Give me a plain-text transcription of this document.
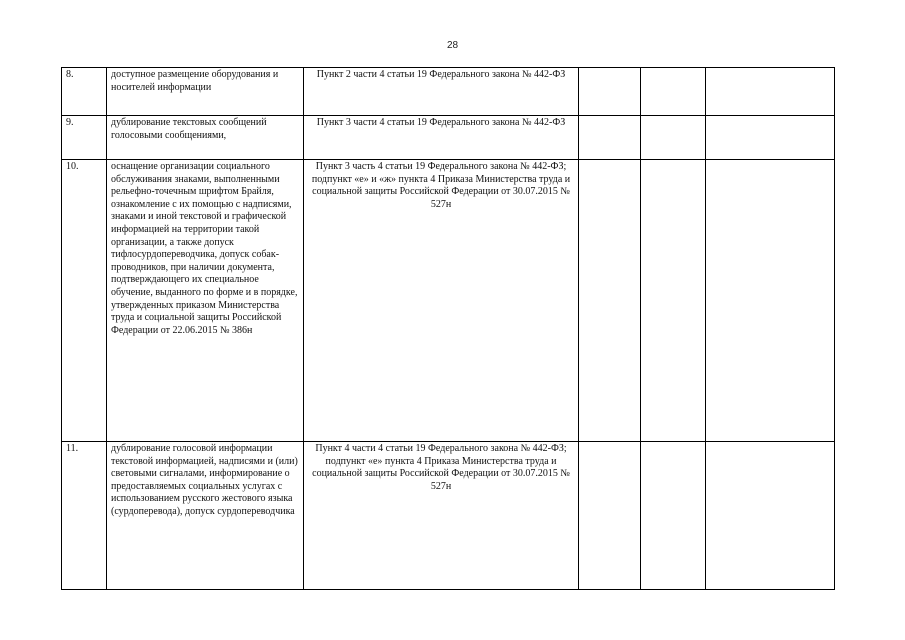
28
8.	доступное размещение оборудования и носителей информации	Пункт 2 части 4 статьи 19 Федерального закона № 442-ФЗ			
9.	дублирование текстовых сообщений голосовыми сообщениями,	Пункт 3 части 4 статьи 19 Федерального закона № 442-ФЗ			
10.	оснащение организации социального обслуживания знаками, выполненными рельефно-точечным шрифтом Брайля, ознакомление с их помощью с надписями, знаками и иной текстовой и графической информацией на территории такой организации, а также допуск тифлосурдопереводчика, допуск собак-проводников, при наличии документа, подтверждающего их специальное обучение, выданного по форме и в порядке, утвержденных приказом Министерства труда и социальной защиты Российской Федерации от 22.06.2015 № 386н	Пункт 3 часть 4 статьи 19 Федерального закона № 442-ФЗ; подпункт «е» и «ж» пункта 4 Приказа Министерства труда и социальной защиты Российской Федерации от 30.07.2015 № 527н			
11.	дублирование голосовой информации текстовой информацией, надписями и (или) световыми сигналами, информирование о предоставляемых социальных услугах с использованием русского жестового языка (сурдоперевода), допуск сурдопереводчика	Пункт 4 части 4 статьи 19 Федерального закона № 442-ФЗ; подпункт «е» пункта 4 Приказа Министерства труда и социальной защиты Российской Федерации от 30.07.2015 № 527н			
